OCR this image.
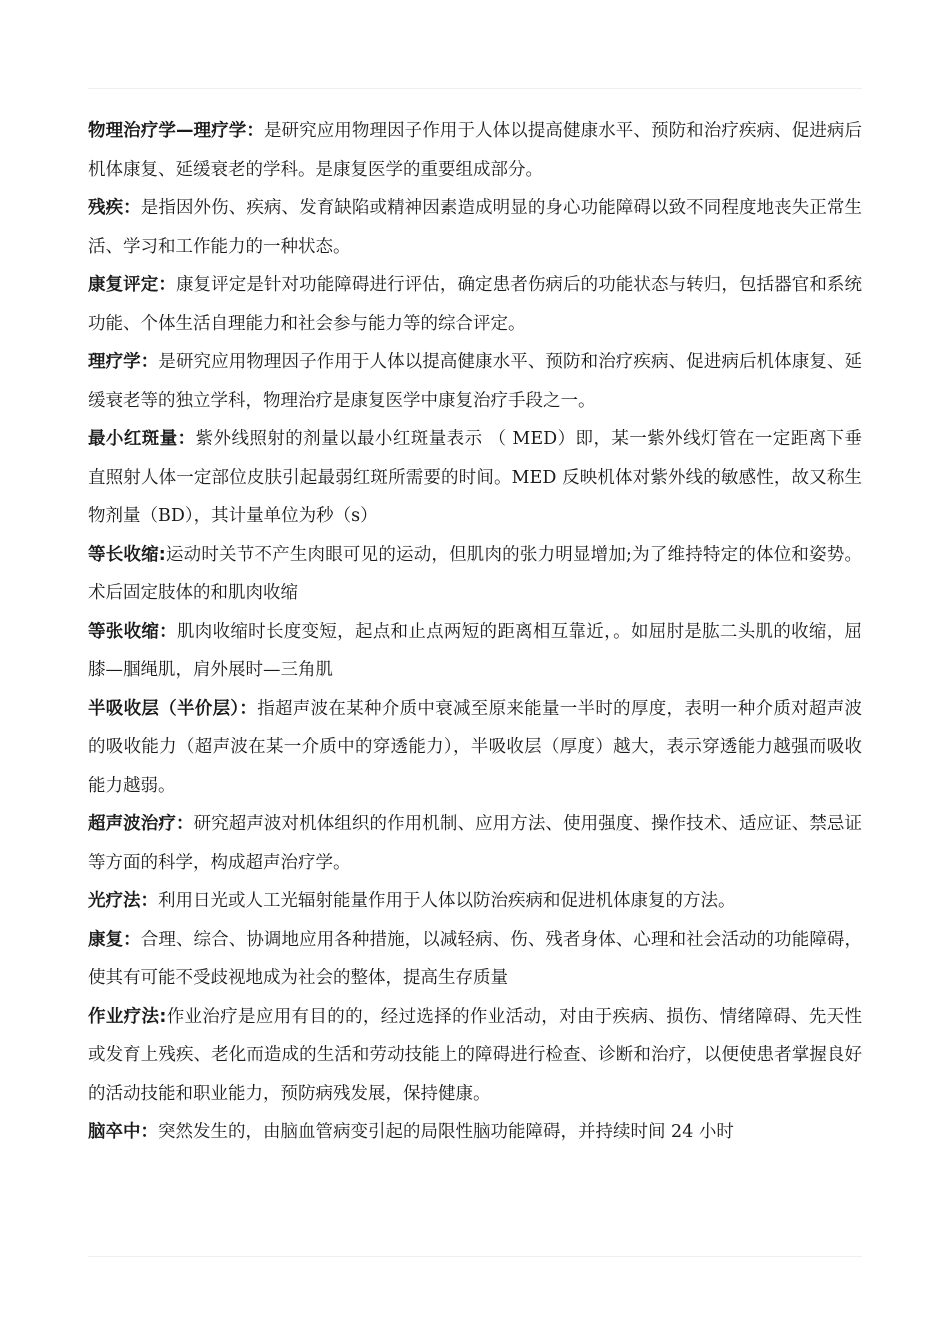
物理治疗学—理疗学：是研究应用物理因子作用于人体以提高健康水平、预防和治疗疾病、促进病后机体康复、延缓衰老的学科。是康复医学的重要组成部分。

残疾：是指因外伤、疾病、发育缺陷或精神因素造成明显的身心功能障碍以致不同程度地丧失正常生活、学习和工作能力的一种状态。

康复评定：康复评定是针对功能障碍进行评估，确定患者伤病后的功能状态与转归，包括器官和系统功能、个体生活自理能力和社会参与能力等的综合评定。

理疗学：是研究应用物理因子作用于人体以提高健康水平、预防和治疗疾病、促进病后机体康复、延缓衰老等的独立学科，物理治疗是康复医学中康复治疗手段之一。

最小红斑量：紫外线照射的剂量以最小红斑量表示 （ MED）即，某一紫外线灯管在一定距离下垂 直照射人体一定部位皮肤引起最弱红斑所需要的时间。MED 反映机体对紫外线的敏感性，故又称生物剂量（BD），其计量单位为秒（s）

等长收缩:运动时关节不产生肉眼可见的运动，但肌肉的张力明显增加;为了维持特定的体位和姿势。术后固定肢体的和肌肉收缩

等张收缩：肌肉收缩时长度变短，起点和止点两短的距离相互靠近，。如屈肘是肱二头肌的收缩，屈膝—腘绳肌，肩外展时—三角肌

半吸收层（半价层）：指超声波在某种介质中衰减至原来能量一半时的厚度，表明一种介质对超声波的吸收能力（超声波在某一介质中的穿透能力），半吸收层（厚度）越大，表示穿透能力越强而吸收能力越弱。

超声波治疗：研究超声波对机体组织的作用机制、应用方法、使用强度、操作技术、适应证、禁忌证等方面的科学，构成超声治疗学。

光疗法：利用日光或人工光辐射能量作用于人体以防治疾病和促进机体康复的方法。

康复：合理、综合、协调地应用各种措施，以减轻病、伤、残者身体、心理和社会活动的功能障碍，使其有可能不受歧视地成为社会的整体，提高生存质量

作业疗法:作业治疗是应用有目的的，经过选择的作业活动，对由于疾病、损伤、情绪障碍、先天性或发育上残疾、老化而造成的生活和劳动技能上的障碍进行检查、诊断和治疗，以便使患者掌握良好的活动技能和职业能力，预防病残发展，保持健康。

脑卒中：突然发生的，由脑血管病变引起的局限性脑功能障碍，并持续时间 24 小时
